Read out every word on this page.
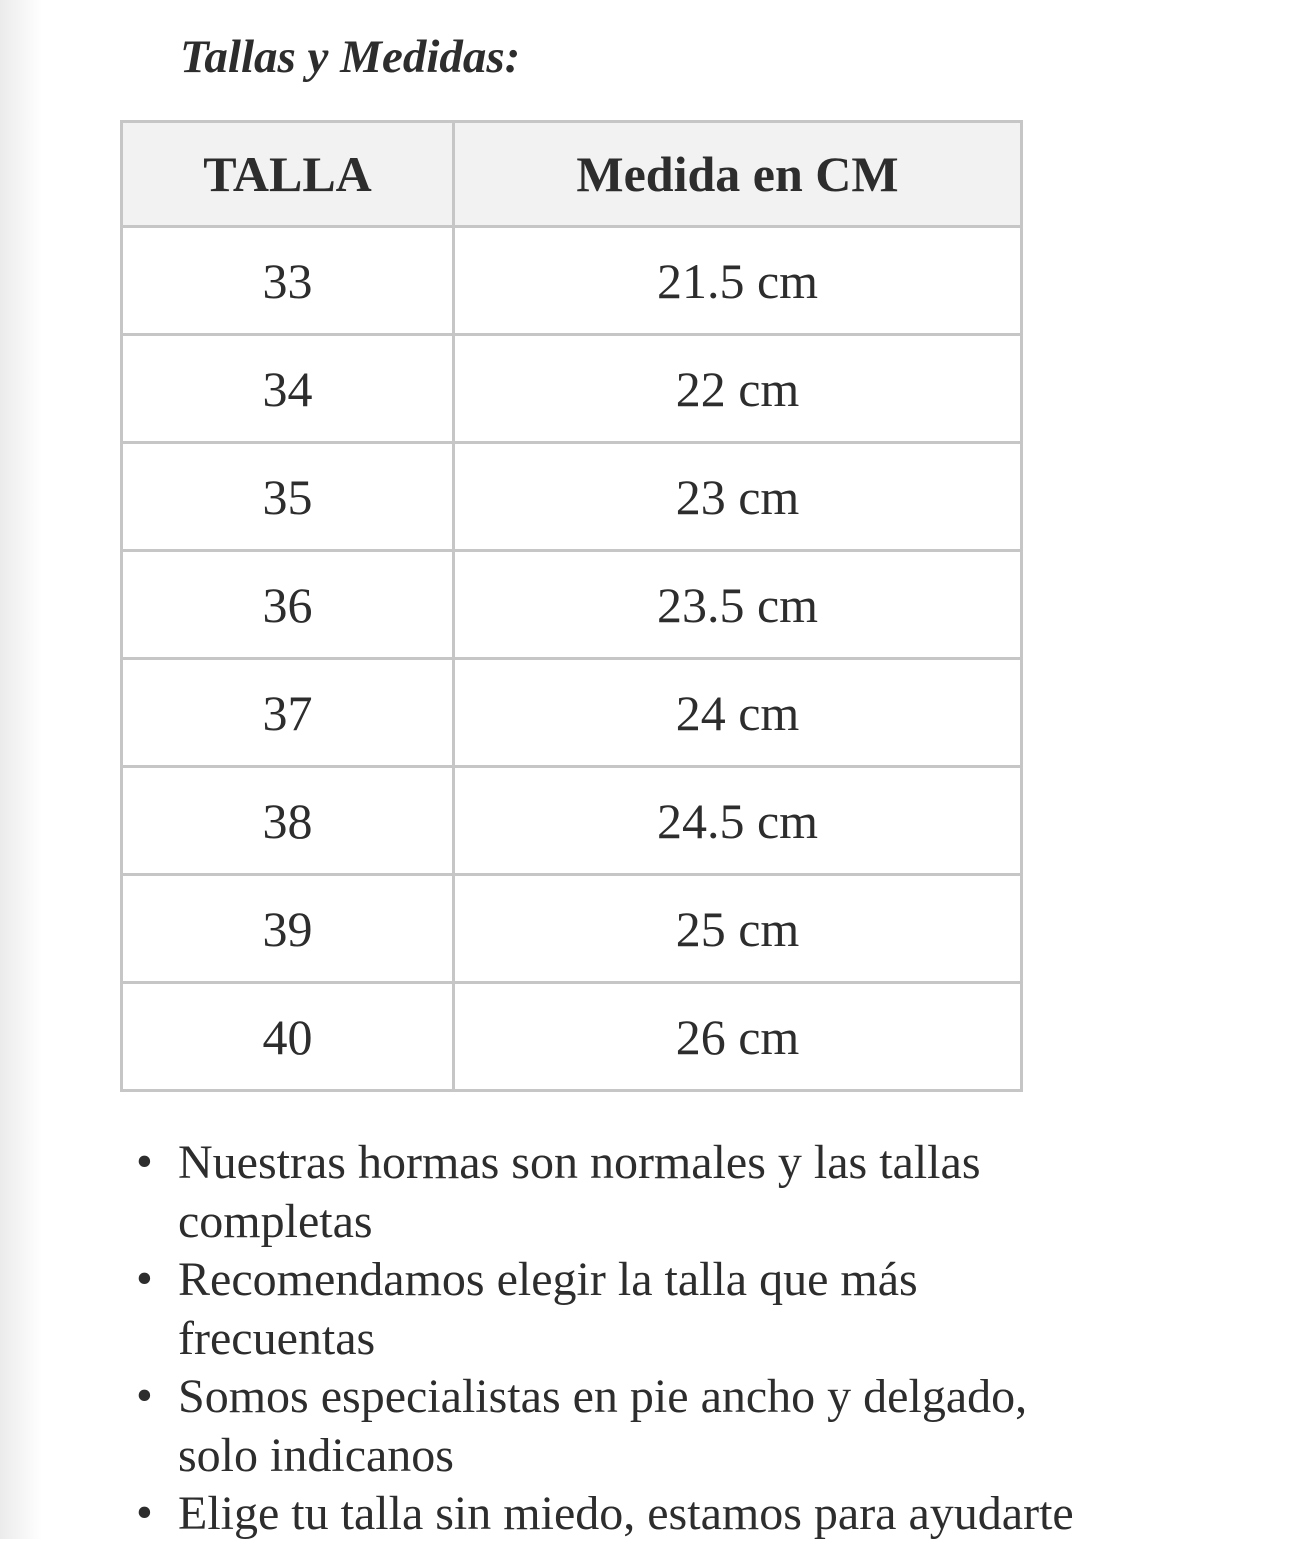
Tallas y Medidas:
TALLA	Medida en CM
33	21.5 cm
34	22 cm
35	23 cm
36	23.5 cm
37	24 cm
38	24.5 cm
39	25 cm
40	26 cm
• Nuestras hormas son normales y las tallas completas
• Recomendamos elegir la talla que más frecuentas
• Somos especialistas en pie ancho y delgado, solo indicanos
• Elige tu talla sin miedo, estamos para ayudarte
